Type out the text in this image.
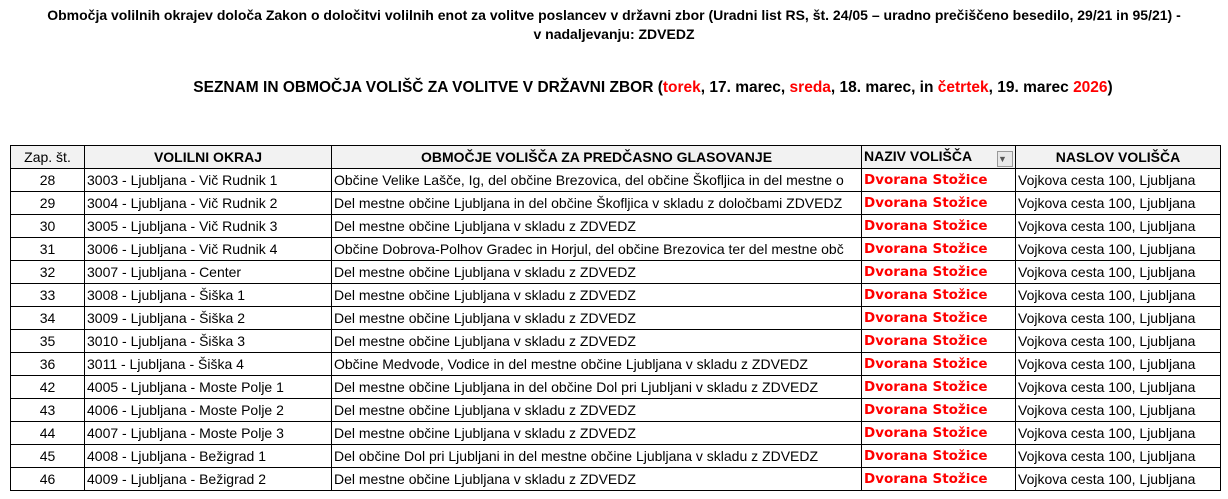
Območja volilnih okrajev določa Zakon o določitvi volilnih enot za volitve poslancev v državni zbor (Uradni list RS, št. 24/05 – uradno prečiščeno besedilo, 29/21 in 95/21) -
v nadaljevanju: ZDVEDZ
SEZNAM IN OBMOČJA VOLIŠČ ZA VOLITVE V DRŽAVNI ZBOR (torek, 17. marec, sreda, 18. marec, in četrtek, 19. marec 2026)
Zap. št.	VOLILNI OKRAJ	OBMOČJE VOLIŠČA ZA PREDČASNO GLASOVANJE	NAZIV VOLIŠČA ▼	NASLOV VOLIŠČA
28	3003 - Ljubljana - Vič Rudnik 1	Občine Velike Lašče, Ig, del občine Brezovica, del občine Škofljica in del mestne o	Dvorana Stožice	Vojkova cesta 100, Ljubljana
29	3004 - Ljubljana - Vič Rudnik 2	Del mestne občine Ljubljana in del občine Škofljica v skladu z določbami ZDVEDZ	Dvorana Stožice	Vojkova cesta 100, Ljubljana
30	3005 - Ljubljana - Vič Rudnik 3	Del mestne občine Ljubljana v skladu z ZDVEDZ	Dvorana Stožice	Vojkova cesta 100, Ljubljana
31	3006 - Ljubljana - Vič Rudnik 4	Občine Dobrova-Polhov Gradec in Horjul, del občine Brezovica ter del mestne obč	Dvorana Stožice	Vojkova cesta 100, Ljubljana
32	3007 - Ljubljana - Center	Del mestne občine Ljubljana v skladu z ZDVEDZ	Dvorana Stožice	Vojkova cesta 100, Ljubljana
33	3008 - Ljubljana - Šiška 1	Del mestne občine Ljubljana v skladu z ZDVEDZ	Dvorana Stožice	Vojkova cesta 100, Ljubljana
34	3009 - Ljubljana - Šiška 2	Del mestne občine Ljubljana v skladu z ZDVEDZ	Dvorana Stožice	Vojkova cesta 100, Ljubljana
35	3010 - Ljubljana - Šiška 3	Del mestne občine Ljubljana v skladu z ZDVEDZ	Dvorana Stožice	Vojkova cesta 100, Ljubljana
36	3011 - Ljubljana - Šiška 4	Občine Medvode, Vodice in del mestne občine Ljubljana v skladu z ZDVEDZ	Dvorana Stožice	Vojkova cesta 100, Ljubljana
42	4005 - Ljubljana - Moste Polje 1	Del mestne občine Ljubljana in del občine Dol pri Ljubljani v skladu z ZDVEDZ	Dvorana Stožice	Vojkova cesta 100, Ljubljana
43	4006 - Ljubljana - Moste Polje 2	Del mestne občine Ljubljana v skladu z ZDVEDZ	Dvorana Stožice	Vojkova cesta 100, Ljubljana
44	4007 - Ljubljana - Moste Polje 3	Del mestne občine Ljubljana v skladu z ZDVEDZ	Dvorana Stožice	Vojkova cesta 100, Ljubljana
45	4008 - Ljubljana - Bežigrad 1	Del občine Dol pri Ljubljani in del mestne občine Ljubljana v skladu z ZDVEDZ	Dvorana Stožice	Vojkova cesta 100, Ljubljana
46	4009 - Ljubljana - Bežigrad 2	Del mestne občine Ljubljana v skladu z ZDVEDZ	Dvorana Stožice	Vojkova cesta 100, Ljubljana
